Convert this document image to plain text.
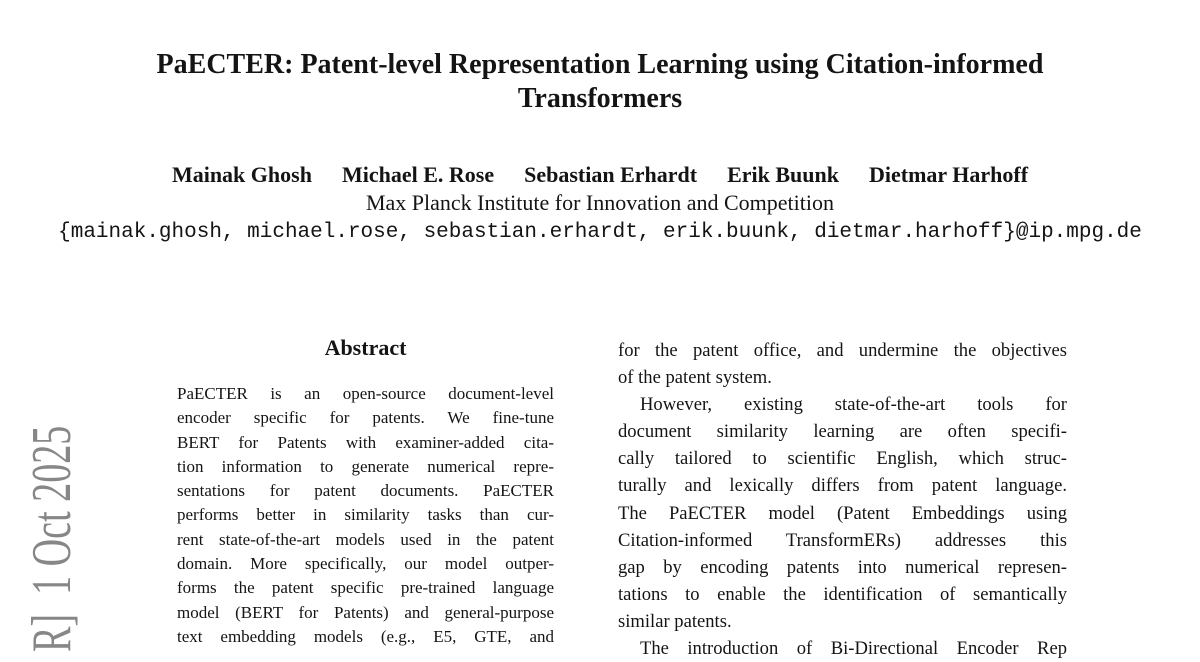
R]  1 Oct 2025
PaECTER: Patent-level Representation Learning using Citation-informed
Transformers
Mainak Ghosh Michael E. Rose Sebastian Erhardt Erik Buunk Dietmar Harhoff
Max Planck Institute for Innovation and Competition
{mainak.ghosh, michael.rose, sebastian.erhardt, erik.buunk, dietmar.harhoff}@ip.mpg.de
Abstract
PaECTER is an open-source document-level
encoder specific for patents. We fine-tune
BERT for Patents with examiner-added cita-
tion information to generate numerical repre-
sentations for patent documents. PaECTER
performs better in similarity tasks than cur-
rent state-of-the-art models used in the patent
domain. More specifically, our model outper-
forms the patent specific pre-trained language
model (BERT for Patents) and general-purpose
text embedding models (e.g., E5, GTE, and
for the patent office, and undermine the objectives
of the patent system.
However, existing state-of-the-art tools for
document similarity learning are often specifi-
cally tailored to scientific English, which struc-
turally and lexically differs from patent language.
The PaECTER model (Patent Embeddings using
Citation-informed TransformERs) addresses this
gap by encoding patents into numerical represen-
tations to enable the identification of semantically
similar patents.
The introduction of Bi-Directional Encoder Rep
